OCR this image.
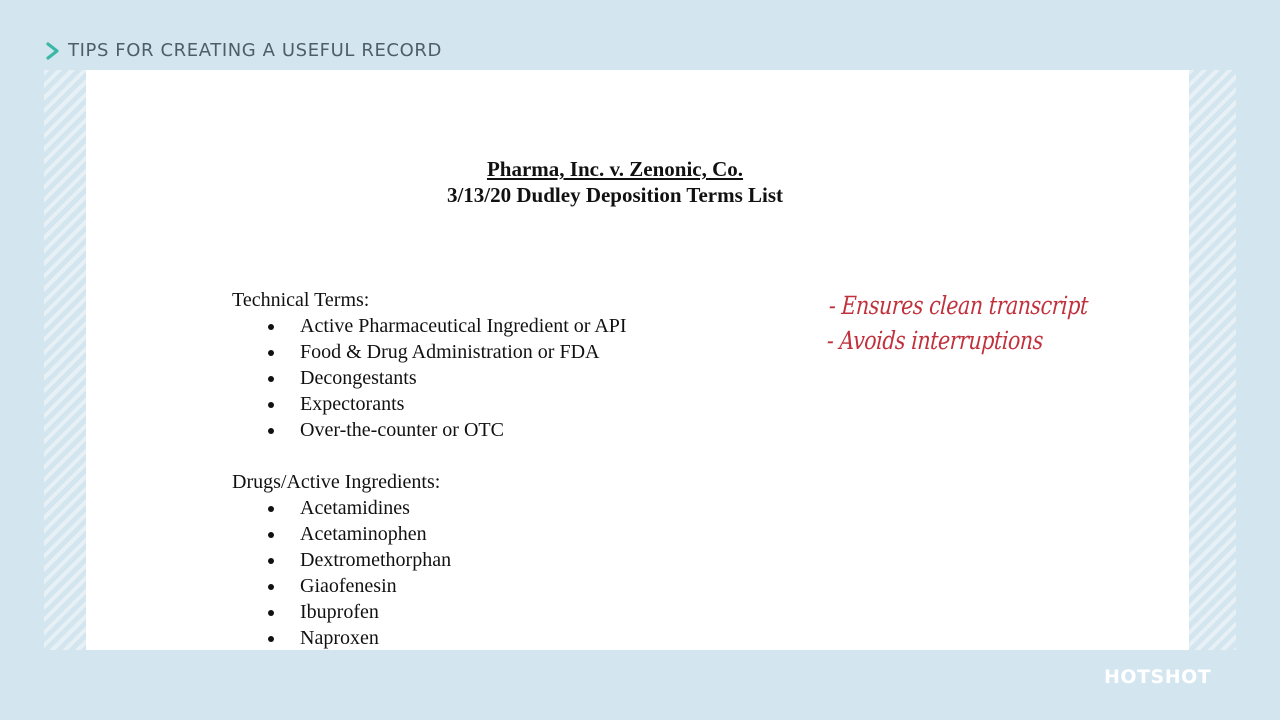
TIPS FOR CREATING A USEFUL RECORD
Pharma, Inc. v. Zenonic, Co.
3/13/20 Dudley Deposition Terms List
Technical Terms:
Active Pharmaceutical Ingredient or API
Food & Drug Administration or FDA
Decongestants
Expectorants
Over-the-counter or OTC
Drugs/Active Ingredients:
Acetamidines
Acetaminophen
Dextromethorphan
Giaofenesin
Ibuprofen
Naproxen
- Ensures clean transcript
- Avoids interruptions
HOTSHOT
